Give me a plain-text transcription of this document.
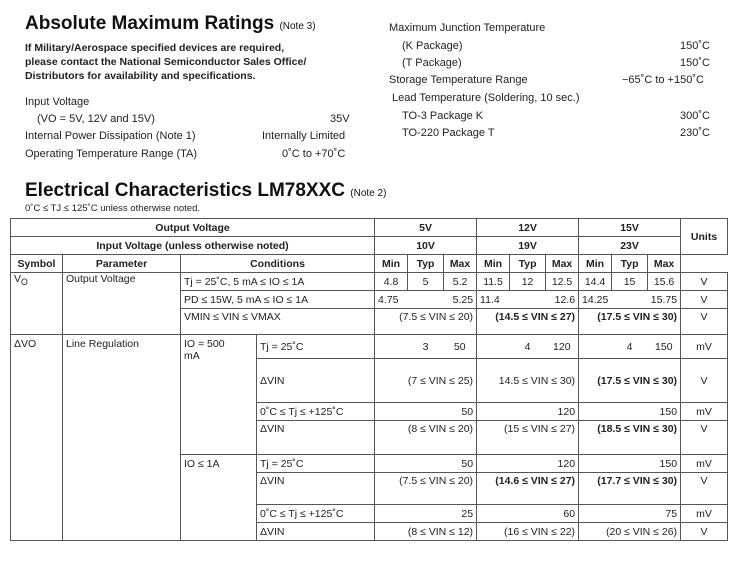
Absolute Maximum Ratings (Note 3)
If Military/Aerospace specified devices are required,
please contact the National Semiconductor Sales Office/
Distributors for availability and specifications.
Input Voltage
(VO = 5V, 12V and 15V)	35V
Internal Power Dissipation (Note 1)	Internally Limited
Operating Temperature Range (TA)	0˚C to +70˚C
Maximum Junction Temperature
(K Package)	150˚C
(T Package)	150˚C
Storage Temperature Range	−65˚C to +150˚C
Lead Temperature (Soldering, 10 sec.)
TO-3 Package K	300˚C
TO-220 Package T	230˚C
Electrical Characteristics LM78XXC (Note 2)
0˚C ≤ TJ ≤ 125˚C unless otherwise noted.
Output Voltage				5V			12V			15V			Units
Input Voltage (unless otherwise noted)				10V			19V			23V			
Symbol	Parameter	Conditions		Min	Typ	Max	Min	Typ	Max	Min	Typ	Max	
$V_O$	Output Voltage	Tj = 25˚C, 5 mA ≤ IO ≤ 1A		4.8	5	5.2	11.5	12	12.5	14.4	15	15.6	V
		PD ≤ 15W, 5 mA ≤ IO ≤ 1A		4.75 5.25			11.4 12.6			14.25 15.75			V
		VMIN ≤ VIN ≤ VMAX		(7.5 ≤ VIN ≤ 20)			(14.5 ≤ VIN ≤ 27)			(17.5 ≤ VIN ≤ 30)			V
ΔVO	Line Regulation	IO = 500
mA	Tj = 25˚C		3	50		4	120		4	150	mV
			ΔVIN	(7 ≤ VIN ≤ 25)			14.5 ≤ VIN ≤ 30)			(17.5 ≤ VIN ≤ 30)			V
			0˚C ≤ Tj ≤ +125˚C	50			120			150			mV
			ΔVIN	(8 ≤ VIN ≤ 20)			(15 ≤ VIN ≤ 27)			(18.5 ≤ VIN ≤ 30)			V
		IO ≤ 1A	Tj = 25˚C	50			120			150			mV
			ΔVIN	(7.5 ≤ VIN ≤ 20)			(14.6 ≤ VIN ≤ 27)			(17.7 ≤ VIN ≤ 30)			V
			0˚C ≤ Tj ≤ +125˚C	25			60			75			mV
			ΔVIN	(8 ≤ VIN ≤ 12)			(16 ≤ VIN ≤ 22)			(20 ≤ VIN ≤ 26)			V
